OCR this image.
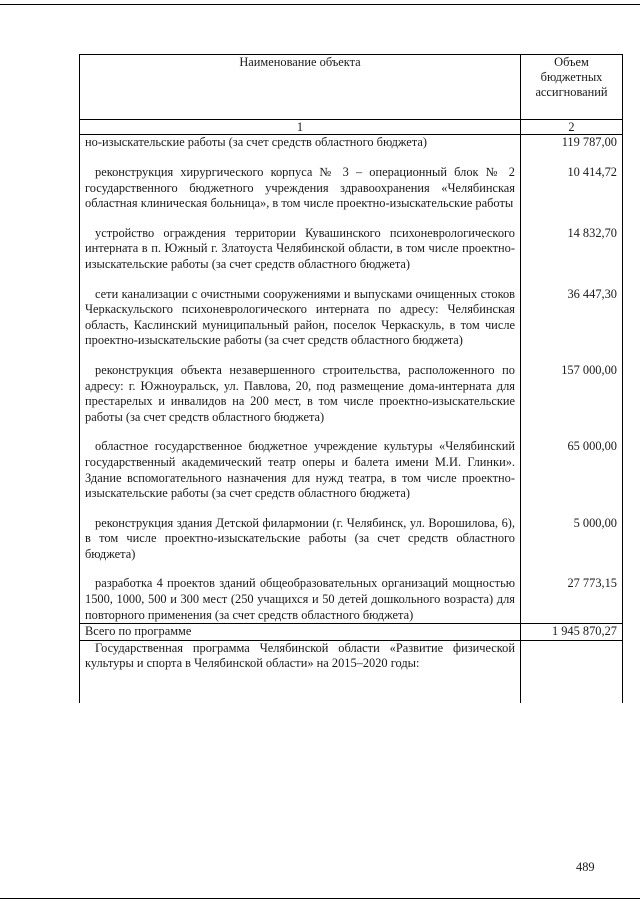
Наименование объекта	Объем
бюджетных
ассигнований

1	2
но-изыскательские работы (за счет средств областного бюджета)	119 787,00

реконструкция хирургического корпуса № 3 – операционный блок № 2 государственного бюджетного учреждения здравоохранения «Челябинская областная клиническая больница», в том числе проектно-изыскательские работы	10 414,72

устройство ограждения территории Кувашинского психоневрологического интерната в п. Южный г. Златоуста Челябинской области, в том числе проектно-изыскательские работы (за счет средств областного бюджета)	14 832,70

сети канализации с очистными сооружениями и выпусками очищенных стоков Черкаскульского психоневрологического интерната по адресу: Челябинская область, Каслинский муниципальный район, поселок Черкаскуль, в том числе проектно-изыскательские работы (за счет средств областного бюджета)	36 447,30

реконструкция объекта незавершенного строительства, расположенного по адресу: г. Южноуральск, ул. Павлова, 20, под размещение дома-интерната для престарелых и инвалидов на 200 мест, в том числе проектно-изыскательские работы (за счет средств областного бюджета)	157 000,00

областное государственное бюджетное учреждение культуры «Челябинский государственный академический театр оперы и балета имени М.И. Глинки». Здание вспомогательного назначения для нужд театра, в том числе проектно-изыскательские работы (за счет средств областного бюджета)	65 000,00

реконструкция здания Детской филармонии (г. Челябинск, ул. Ворошилова, 6), в том числе проектно-изыскательские работы (за счет средств областного бюджета)	5 000,00

разработка 4 проектов зданий общеобразовательных организаций мощностью 1500, 1000, 500 и 300 мест (250 учащихся и 50 детей дошкольного возраста) для повторного применения (за счет средств областного бюджета)	27 773,15
Всего по программе	1 945 870,27
Государственная программа Челябинской области «Развитие физической культуры и спорта в Челябинской области» на 2015–2020 годы:	
489
